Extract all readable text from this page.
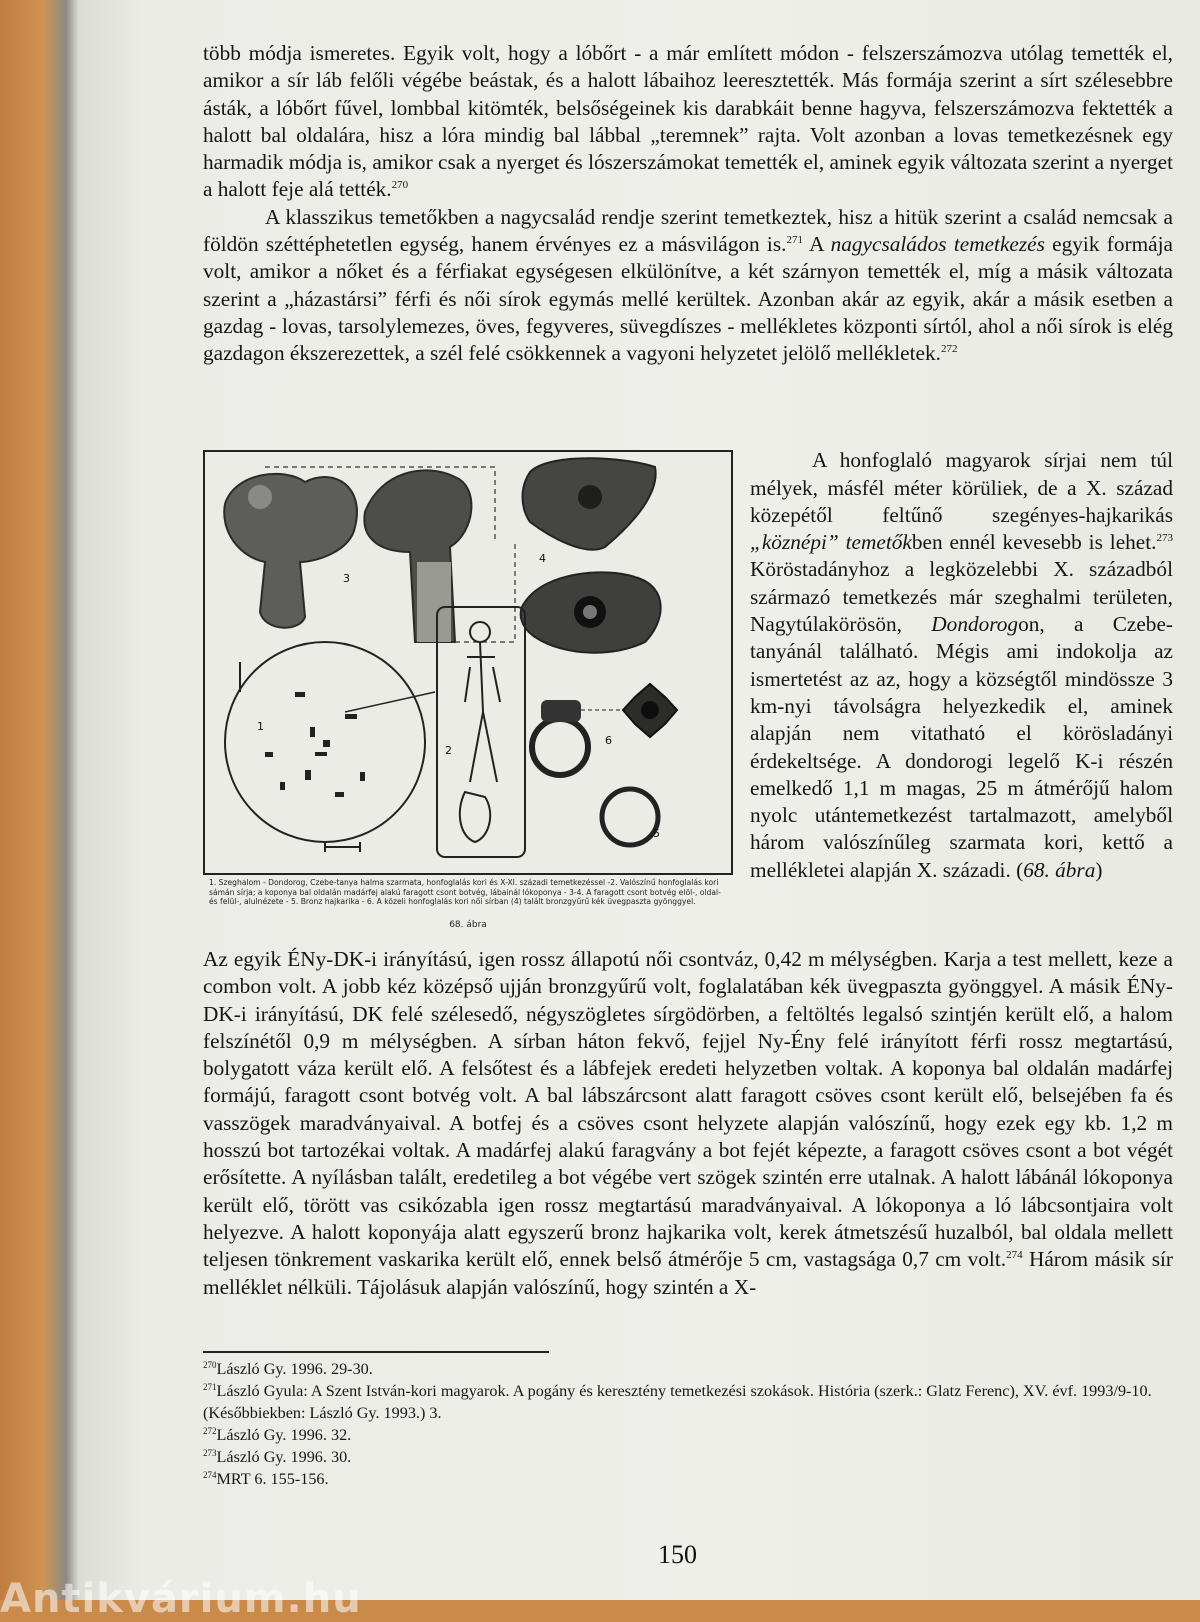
több módja ismeretes. Egyik volt, hogy a lóbőrt - a már említett módon - felszerszámozva utólag temették el, amikor a sír láb felőli végébe beástak, és a halott lábaihoz leeresztették. Más formája szerint a sírt szélesebbre ásták, a lóbőrt fűvel, lombbal kitömték, belsőségeinek kis darabkáit benne hagyva, felszerszámozva fektették a halott bal oldalára, hisz a lóra mindig bal lábbal „teremnek” rajta. Volt azonban a lovas temetkezésnek egy harmadik módja is, amikor csak a nyerget és lószerszámokat temették el, aminek egyik változata szerint a nyerget a halott feje alá tették.$^{270}$

A klasszikus temetőkben a nagycsalád rendje szerint temetkeztek, hisz a hitük szerint a család nemcsak a földön széttéphetetlen egység, hanem érvényes ez a másvilágon is.$^{271}$ A nagycsaládos temetkezés egyik formája volt, amikor a nőket és a férfiakat egységesen elkülönítve, a két szárnyon temették el, míg a másik változata szerint a „házastársi” férfi és női sírok egymás mellé kerültek. Azonban akár az egyik, akár a másik esetben a gazdag - lovas, tarsolylemezes, öves, fegyveres, süvegdíszes - mellékletes központi sírtól, ahol a női sírok is elég gazdagon ékszerezettek, a szél felé csökkennek a vagyoni helyzetet jelölő mellékletek.$^{272}$

1
2
3
4
5
6
1. Szeghalom - Dondorog, Czebe-tanya halma szarmata, honfoglalás kori és X-XI. századi temetkezéssel -2. Valószínű honfoglalás kori sámán sírja; a koponya bal oldalán madárfej alakú faragott csont botvég, lábainál lókoponya - 3-4. A faragott csont botvég elöl-, oldal- és felül-, alulnézete - 5. Bronz hajkarika - 6. A közeli honfoglalás kori női sírban (4) talált bronzgyűrű kék üvegpaszta gyönggyel.
68. ábra

A honfoglaló magyarok sírjai nem túl mélyek, másfél méter körüliek, de a X. század közepétől feltűnő szegényes-hajkarikás „köznépi” temetőkben ennél kevesebb is lehet.$^{273}$ Köröstadányhoz a legközelebbi X. századból származó temetkezés már szeghalmi területen, Nagytúlakörösön, Dondorogon, a Czebe-tanyánál található. Mégis ami indokolja az ismertetést az az, hogy a községtől mindössze 3 km-nyi távolságra helyezkedik el, aminek alapján nem vitatható el körösladányi érdekeltsége. A dondorogi legelő K-i részén emelkedő 1,1 m magas, 25 m átmérőjű halom nyolc utántemetkezést tartalmazott, amelyből három valószínűleg szarmata kori, kettő a mellékletei alapján X. századi. (68. ábra)

Az egyik ÉNy-DK-i irányítású, igen rossz állapotú női csontváz, 0,42 m mélységben. Karja a test mellett, keze a combon volt. A jobb kéz középső ujján bronzgyűrű volt, foglalatában kék üvegpaszta gyönggyel. A másik ÉNy-DK-i irányítású, DK felé szélesedő, négyszögletes sírgödörben, a feltöltés legalsó szintjén került elő, a halom felszínétől 0,9 m mélységben. A sírban háton fekvő, fejjel Ny-Ény felé irányított férfi rossz megtartású, bolygatott váza került elő. A felsőtest és a lábfejek eredeti helyzetben voltak. A koponya bal oldalán madárfej formájú, faragott csont botvég volt. A bal lábszárcsont alatt faragott csöves csont került elő, belsejében fa és vasszögek maradványaival. A botfej és a csöves csont helyzete alapján valószínű, hogy ezek egy kb. 1,2 m hosszú bot tartozékai voltak. A madárfej alakú faragvány a bot fejét képezte, a faragott csöves csont a bot végét erősítette. A nyílásban talált, eredetileg a bot végébe vert szögek szintén erre utalnak. A halott lábánál lókoponya került elő, törött vas csikózabla igen rossz megtartású maradványaival. A lókoponya a ló lábcsontjaira volt helyezve. A halott koponyája alatt egyszerű bronz hajkarika volt, kerek átmetszésű huzalból, bal oldala mellett teljesen tönkrement vaskarika került elő, ennek belső átmérője 5 cm, vastagsága 0,7 cm volt.$^{274}$ Három másik sír melléklet nélküli. Tájolásuk alapján valószínű, hogy szintén a X-

$^{270}$László Gy. 1996. 29-30.

$^{271}$László Gyula: A Szent István-kori magyarok. A pogány és keresztény temetkezési szokások. História (szerk.: Glatz Ferenc), XV. évf. 1993/9-10. (Későbbiekben: László Gy. 1993.) 3.

$^{272}$László Gy. 1996. 32.

$^{273}$László Gy. 1996. 30.

$^{274}$MRT 6. 155-156.

150
Antikvárium.hu
